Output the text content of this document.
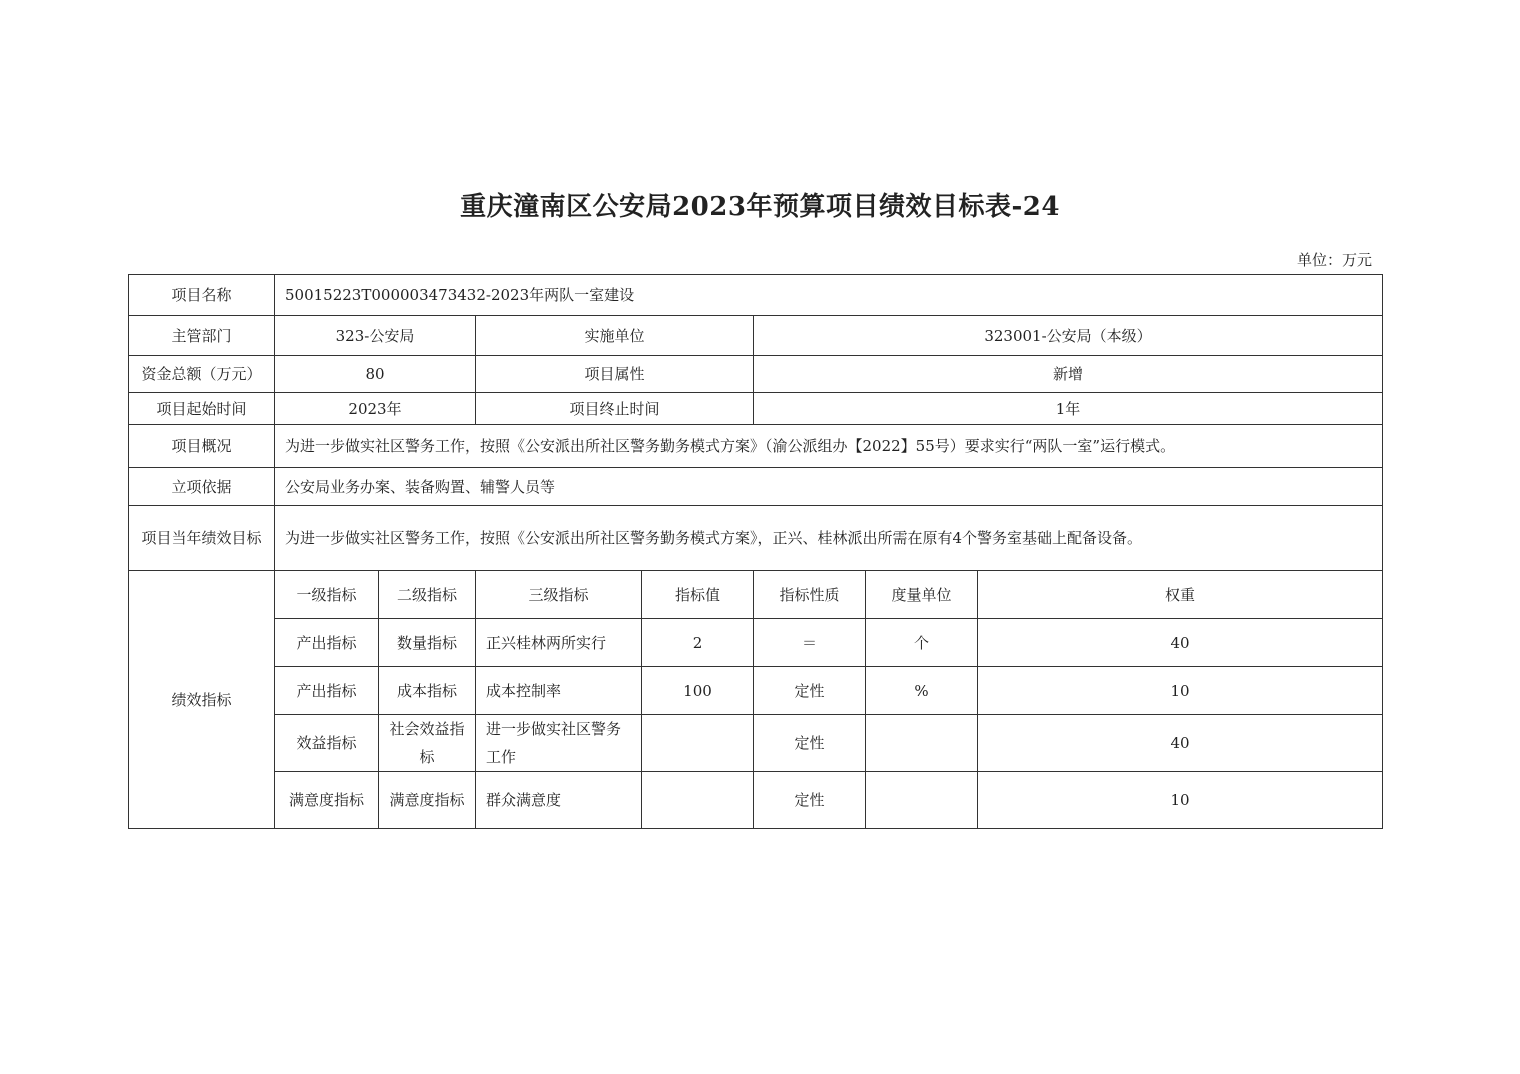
重庆潼南区公安局2023年预算项目绩效目标表-24
单位：万元
项目名称	50015223T000003473432-2023年两队一室建设						
主管部门	323-公安局		实施单位		323001-公安局（本级）		
资金总额（万元）	80		项目属性		新增		
项目起始时间	2023年		项目终止时间		1年		
项目概况	为进一步做实社区警务工作，按照《公安派出所社区警务勤务模式方案》（渝公派组办【2022】55号）要求实行“两队一室”运行模式。						
立项依据	公安局业务办案、装备购置、辅警人员等						
项目当年绩效目标	为进一步做实社区警务工作，按照《公安派出所社区警务勤务模式方案》，正兴、桂林派出所需在原有4个警务室基础上配备设备。						
绩效指标	一级指标	二级指标	三级指标	指标值	指标性质	度量单位	权重
	产出指标	数量指标	正兴桂林两所实行	2	＝	个	40
	产出指标	成本指标	成本控制率	100	定性	%	10
	效益指标	社会效益指标	进一步做实社区警务工作		定性		40
	满意度指标	满意度指标	群众满意度		定性		10
